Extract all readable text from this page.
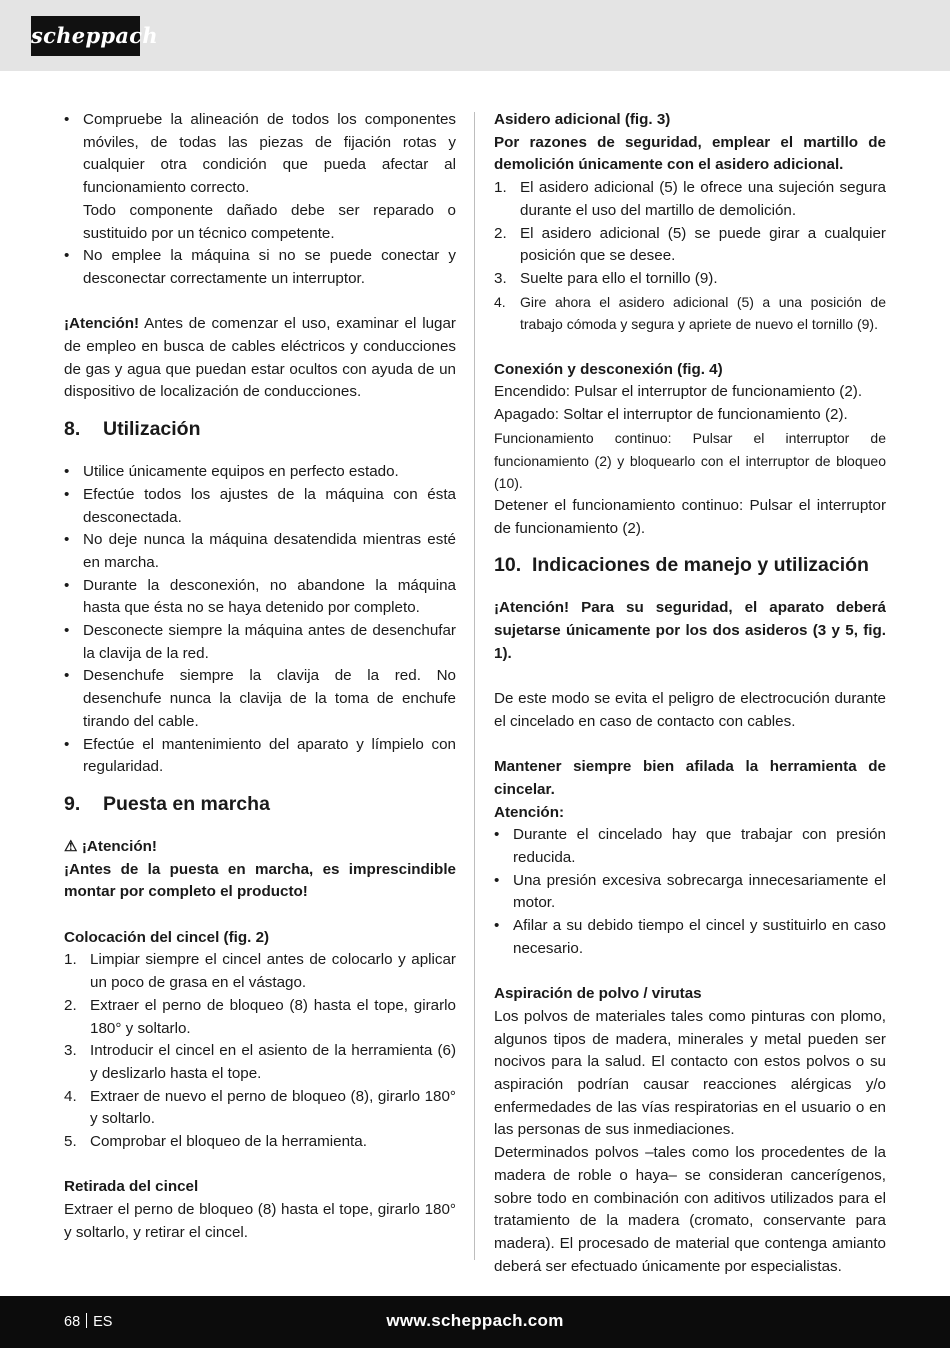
scheppach
• Compruebe la alineación de todos los componentes móviles, de todas las piezas de fijación rotas y cualquier otra condición que pueda afectar al funcionamiento correcto.
Todo componente dañado debe ser reparado o sustituido por un técnico competente.
• No emplee la máquina si no se puede conectar y desconectar correctamente un interruptor.

¡Atención! Antes de comenzar el uso, examinar el lugar de empleo en busca de cables eléctricos y conducciones de gas y agua que puedan estar ocultos con ayuda de un dispositivo de localización de conducciones.

8. Utilización
• Utilice únicamente equipos en perfecto estado.
• Efectúe todos los ajustes de la máquina con ésta desconectada.
• No deje nunca la máquina desatendida mientras esté en marcha.
• Durante la desconexión, no abandone la máquina hasta que ésta no se haya detenido por completo.
• Desconecte siempre la máquina antes de desenchufar la clavija de la red.
• Desenchufe siempre la clavija de la red. No desenchufe nunca la clavija de la toma de enchufe tirando del cable.
• Efectúe el mantenimiento del aparato y límpielo con regularidad.
9. Puesta en marcha

⚠ ¡Atención!

¡Antes de la puesta en marcha, es imprescindible montar por completo el producto!

Colocación del cincel (fig. 2)

1. Limpiar siempre el cincel antes de colocarlo y aplicar un poco de grasa en el vástago.
2. Extraer el perno de bloqueo (8) hasta el tope, girarlo 180° y soltarlo.
3. Introducir el cincel en el asiento de la herramienta (6) y deslizarlo hasta el tope.
4. Extraer de nuevo el perno de bloqueo (8), girarlo 180° y soltarlo.
5. Comprobar el bloqueo de la herramienta.

Retirada del cincel

Extraer el perno de bloqueo (8) hasta el tope, girarlo 180° y soltarlo, y retirar el cincel.

Asidero adicional (fig. 3)

Por razones de seguridad, emplear el martillo de demolición únicamente con el asidero adicional.

1. El asidero adicional (5) le ofrece una sujeción segura durante el uso del martillo de demolición.
2. El asidero adicional (5) se puede girar a cualquier posición que se desee.
3. Suelte para ello el tornillo (9).
4. Gire ahora el asidero adicional (5) a una posición de trabajo cómoda y segura y apriete de nuevo el tornillo (9).

Conexión y desconexión (fig. 4)

Encendido: Pulsar el interruptor de funcionamiento (2).

Apagado: Soltar el interruptor de funcionamiento (2).

Funcionamiento continuo: Pulsar el interruptor de funcionamiento (2) y bloquearlo con el interruptor de bloqueo (10).

Detener el funcionamiento continuo: Pulsar el interruptor de funcionamiento (2).

10. Indicaciones de manejo y utilización

¡Atención! Para su seguridad, el aparato deberá sujetarse únicamente por los dos asideros (3 y 5, fig. 1).

De este modo se evita el peligro de electrocución durante el cincelado en caso de contacto con cables.

Mantener siempre bien afilada la herramienta de cincelar.

Atención:

• Durante el cincelado hay que trabajar con presión reducida.
• Una presión excesiva sobrecarga innecesariamente el motor.
• Afilar a su debido tiempo el cincel y sustituirlo en caso necesario.

Aspiración de polvo / virutas

Los polvos de materiales tales como pinturas con plomo, algunos tipos de madera, minerales y metal pueden ser nocivos para la salud. El contacto con estos polvos o su aspiración podrían causar reacciones alérgicas y/o enfermedades de las vías respiratorias en el usuario o en las personas de sus inmediaciones.

Determinados polvos –tales como los procedentes de la madera de roble o haya– se consideran cancerígenos, sobre todo en combinación con aditivos utilizados para el tratamiento de la madera (cromato, conservante para madera). El procesado de material que contenga amianto deberá ser efectuado únicamente por especialistas.

68 ES	www.scheppach.com
